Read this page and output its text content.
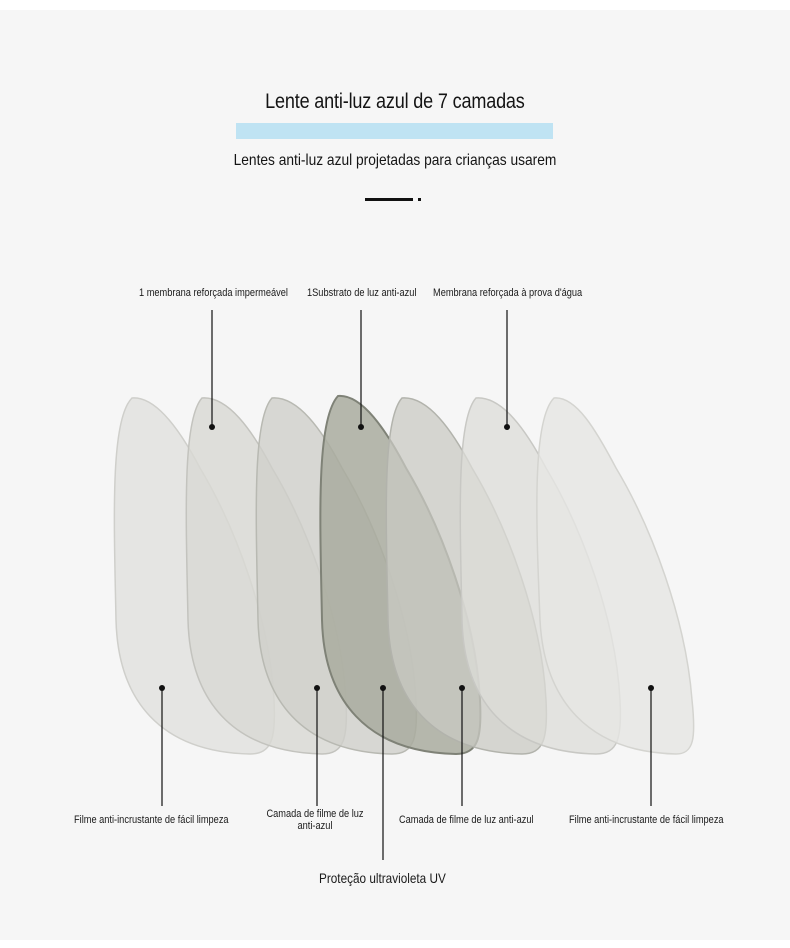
Lente anti-luz azul de 7 camadas
Lentes anti-luz azul projetadas para crianças usarem
1 membrana reforçada impermeável 1Substrato de luz anti-azul Membrana reforçada à prova d'água
Filme anti-incrustante de fácil limpeza	Camada de filme de luz anti-azul	Camada de filme de luz anti-azul	Filme anti-incrustante de fácil limpeza
Proteção ultravioleta UV
